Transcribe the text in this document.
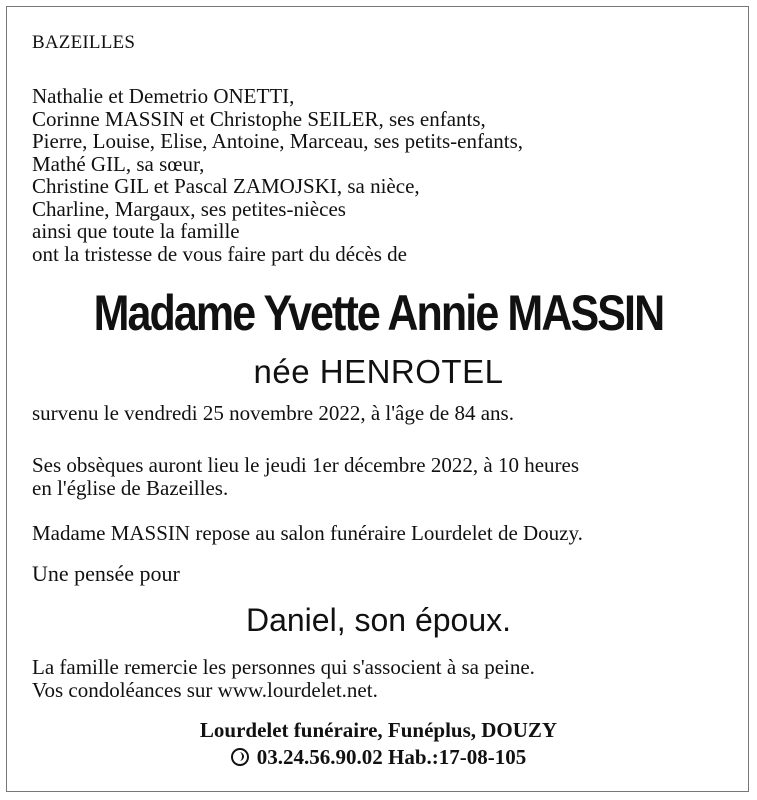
BAZEILLES
Nathalie et Demetrio ONETTI,
Corinne MASSIN et Christophe SEILER, ses enfants,
Pierre, Louise, Elise, Antoine, Marceau, ses petits-enfants,
Mathé GIL, sa sœur,
Christine GIL et Pascal ZAMOJSKI, sa nièce,
Charline, Margaux, ses petites-nièces
ainsi que toute la famille
ont la tristesse de vous faire part du décès de
Madame Yvette Annie MASSIN
née HENROTEL
survenu le vendredi 25 novembre 2022, à l'âge de 84 ans.
Ses obsèques auront lieu le jeudi 1er décembre 2022, à 10 heures
en l'église de Bazeilles.
Madame MASSIN repose au salon funéraire Lourdelet de Douzy.
Une pensée pour
Daniel, son époux.
La famille remercie les personnes qui s'associent à sa peine.
Vos condoléances sur www.lourdelet.net.
Lourdelet funéraire, Funéplus, DOUZY
03.24.56.90.02 Hab.:17-08-105
